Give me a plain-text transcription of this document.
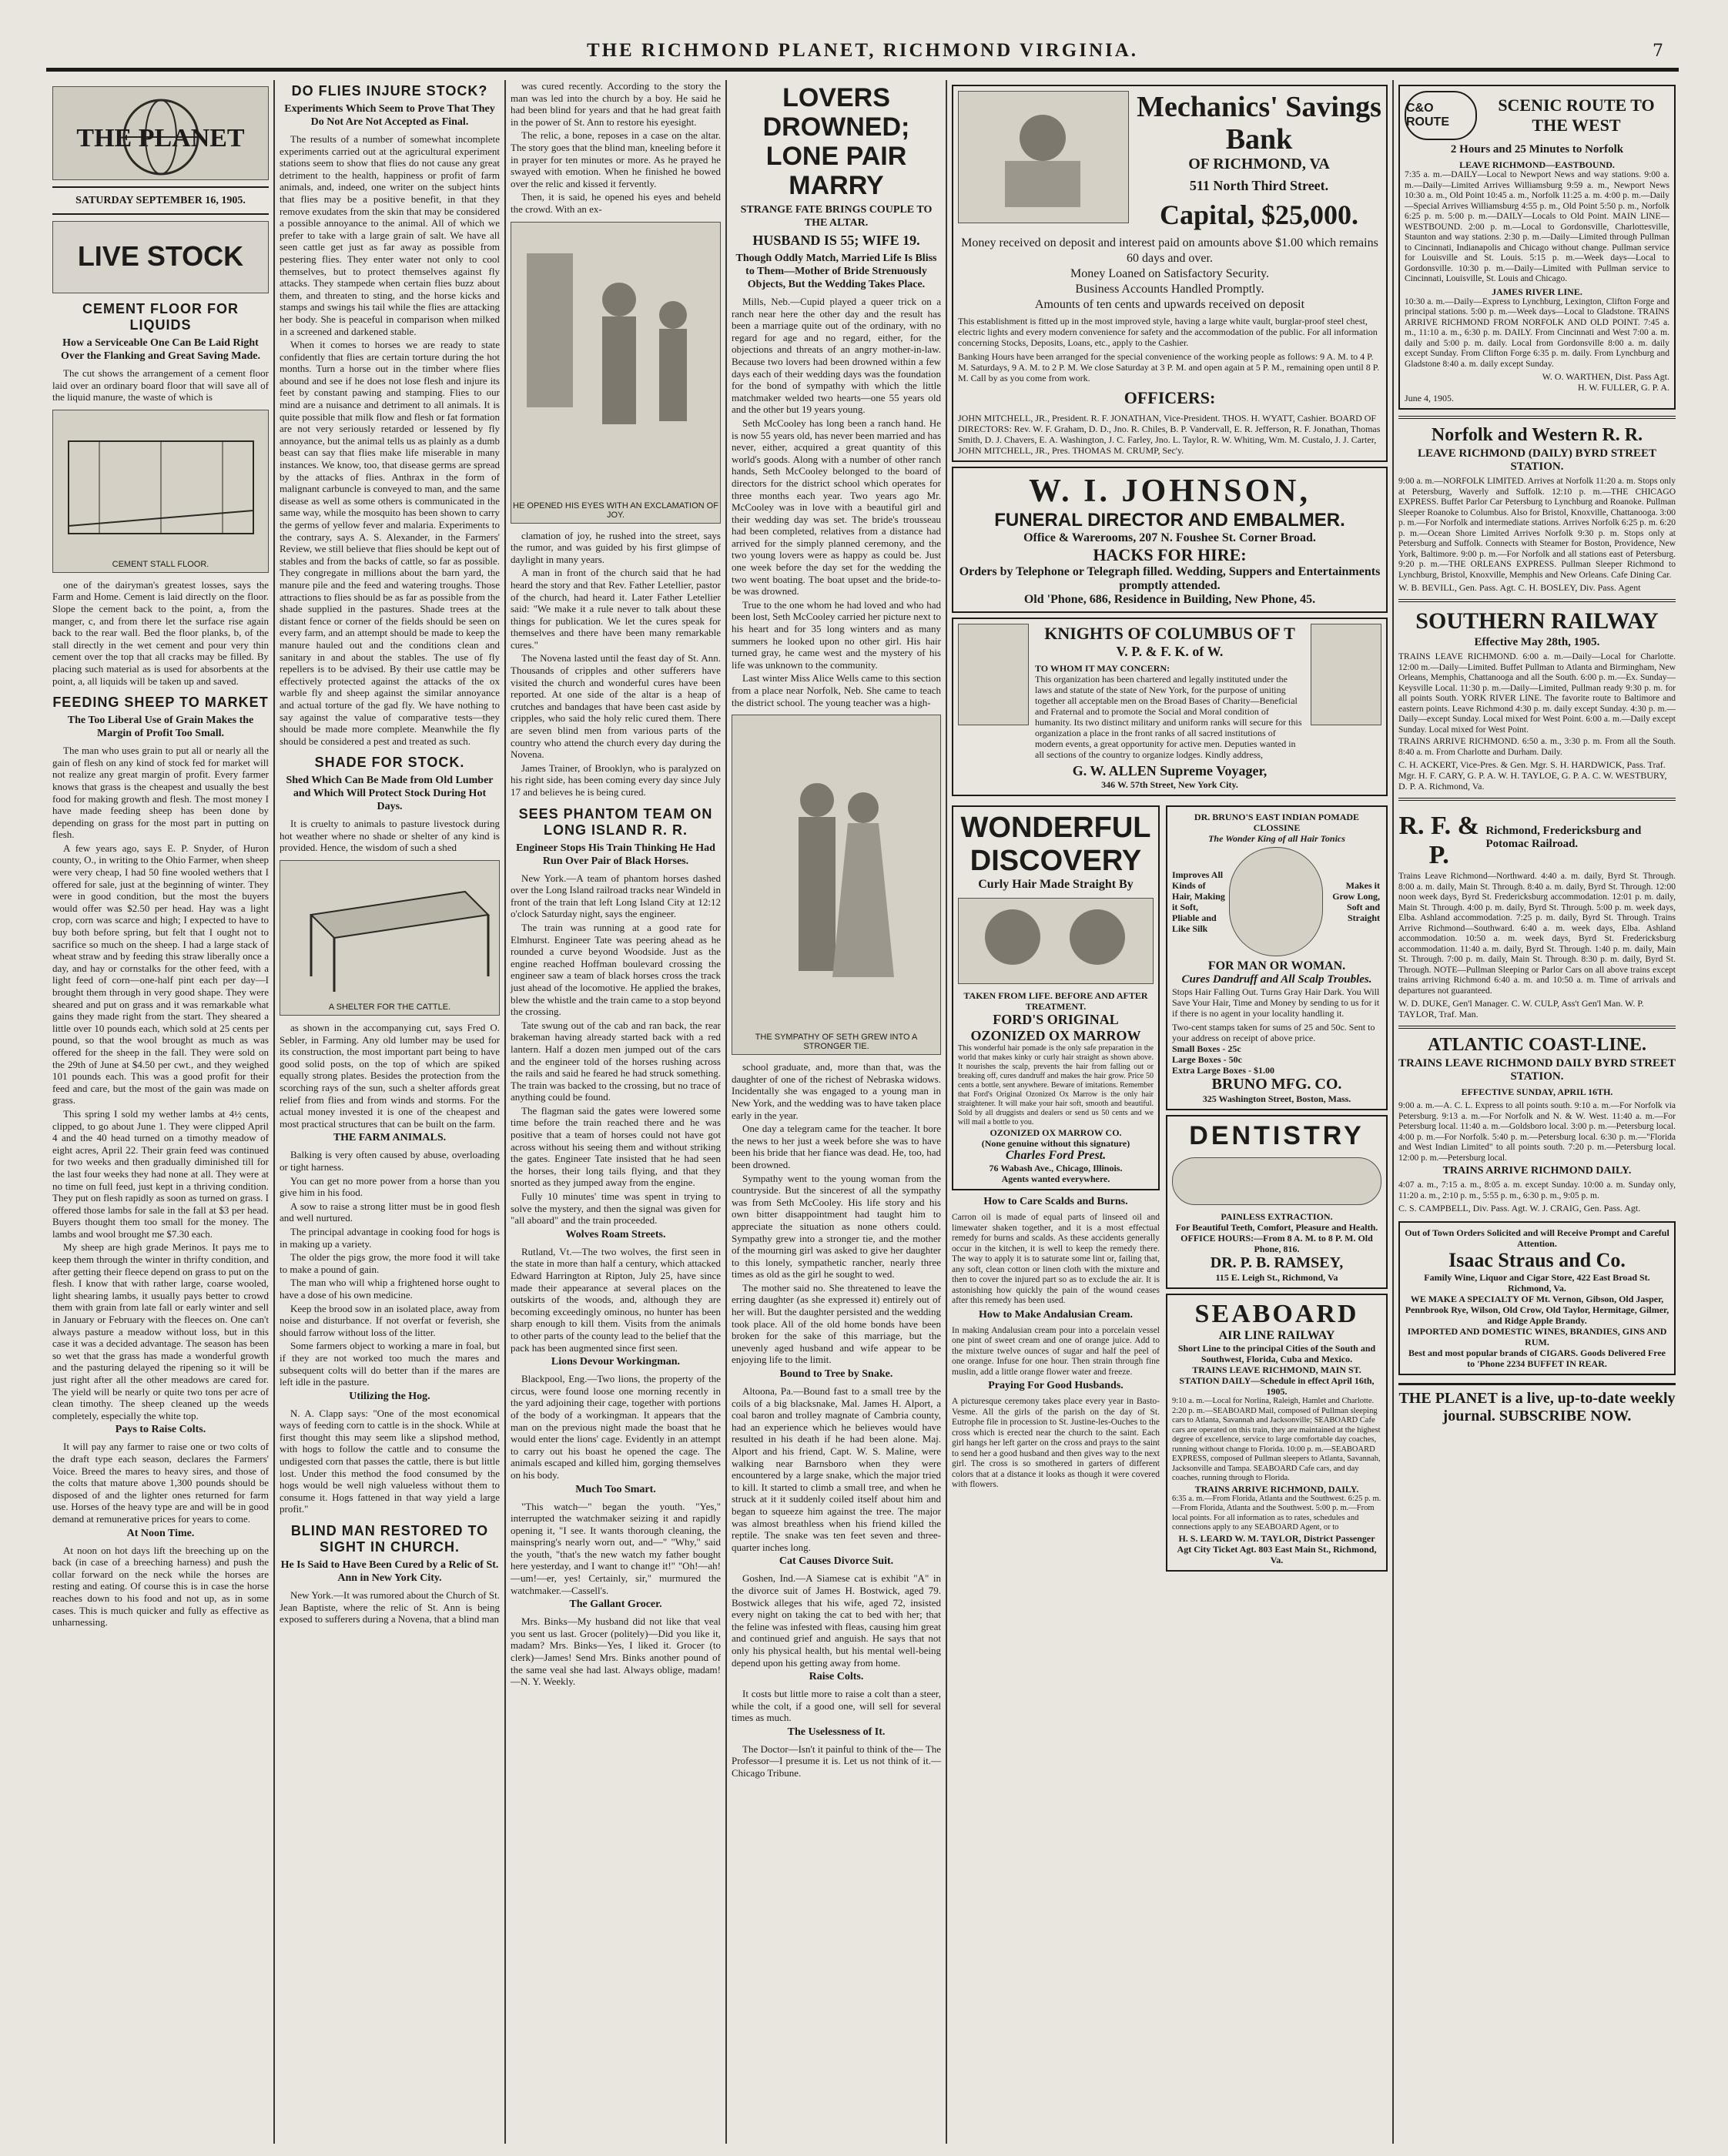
THE RICHMOND PLANET, RICHMOND VIRGINIA.	7
THE PLANET
SATURDAY SEPTEMBER 16, 1905.
LIVE STOCK
CEMENT FLOOR FOR LIQUIDS
How a Serviceable One Can Be Laid Right Over the Flanking and Great Saving Made.

The cut shows the arrangement of a cement floor laid over an ordinary board floor that will save all of the liquid manure, the waste of which is

CEMENT STALL FLOOR.

one of the dairyman's greatest losses, says the Farm and Home. Cement is laid directly on the floor. Slope the cement back to the point, a, from the manger, c, and from there let the surface rise again back to the rear wall. Bed the floor planks, b, of the stall directly in the wet cement and pour very thin cement over the top that all cracks may be filled. By placing such material as is used for absorbents at the point, a, all liquids will be taken up and saved.

FEEDING SHEEP TO MARKET
The Too Liberal Use of Grain Makes the Margin of Profit Too Small.

The man who uses grain to put all or nearly all the gain of flesh on any kind of stock fed for market will not realize any great margin of profit. Every farmer knows that grass is the cheapest and usually the best food for making growth and flesh. The most money I have made feeding sheep has been done by depending on grass for the most part in putting on flesh.

A few years ago, says E. P. Snyder, of Huron county, O., in writing to the Ohio Farmer, when sheep were very cheap, I had 50 fine wooled wethers that I offered for sale, just at the beginning of winter. They were in good condition, but the most the buyers would offer was $2.50 per head. Hay was a light crop, corn was scarce and high; I expected to have to buy both before spring, but felt that I ought not to sacrifice so much on the sheep. I had a large stack of wheat straw and by feeding this straw liberally once a day, and hay or cornstalks for the other feed, with a light feed of corn—one-half pint each per day—I brought them through in very good shape. They were sheared and put on grass and it was remarkable what gains they made right from the start. They sheared a little over 10 pounds each, which sold at 25 cents per pound, so that the wool brought as much as was offered for the sheep in the fall. They were sold on the 29th of June at $4.50 per cwt., and they weighed 101 pounds each. This was a good profit for their feed and care, but the most of the gain was made on grass.

This spring I sold my wether lambs at 4½ cents, clipped, to go about June 1. They were clipped April 4 and the 40 head turned on a timothy meadow of eight acres, April 22. Their grain feed was continued for two weeks and then gradually diminished till for the last four weeks they had none at all. They were at no time on full feed, just kept in a thriving condition. They put on flesh rapidly as soon as turned on grass. I offered those lambs for sale in the fall at $3 per head. Buyers thought them too small for the money. The lambs and wool brought me $7.30 each.

My sheep are high grade Merinos. It pays me to keep them through the winter in thrifty condition, and after getting their fleece depend on grass to put on the flesh. I know that with rather large, coarse wooled, light shearing lambs, it usually pays better to crowd them with grain from late fall or early winter and sell in January or February with the fleeces on. One can't always pasture a meadow without loss, but in this case it was a decided advantage. The season has been so wet that the grass has made a wonderful growth and the pasturing delayed the ripening so it will be just right after all the other meadows are cared for. The yield will be nearly or quite two tons per acre of clean timothy. The sheep cleaned up the weeds completely, especially the white top.

Pays to Raise Colts.

It will pay any farmer to raise one or two colts of the draft type each season, declares the Farmers' Voice. Breed the mares to heavy sires, and those of the colts that mature above 1,300 pounds should be disposed of and the lighter ones returned for farm use. Horses of the heavy type are and will be in good demand at remunerative prices for years to come.

At Noon Time.

At noon on hot days lift the breeching up on the back (in case of a breeching harness) and push the collar forward on the neck while the horses are resting and eating. Of course this is in case the horse reaches down to his food and not up, as in some cases. This is much quicker and fully as effective as unharnessing.

DO FLIES INJURE STOCK?
Experiments Which Seem to Prove That They Do Not Are Not Accepted as Final.

The results of a number of somewhat incomplete experiments carried out at the agricultural experiment stations seem to show that flies do not cause any great detriment to the health, happiness or profit of farm animals, and, indeed, one writer on the subject hints that flies may be a positive benefit, in that they remove exudates from the skin that may be considered a possible annoyance to the animal. All of which we prefer to take with a large grain of salt. We have all seen cattle get just as far away as possible from pestering flies. They enter water not only to cool themselves, but to protect themselves against fly attacks. They stampede when certain flies buzz about them, and threaten to sting, and the horse kicks and stamps and swings his tail while the flies are attacking her body. She is peaceful in comparison when milked in a screened and darkened stable.

When it comes to horses we are ready to state confidently that flies are certain torture during the hot months. Turn a horse out in the timber where flies abound and see if he does not lose flesh and injure its feet by constant pawing and stamping. Flies to our mind are a nuisance and detriment to all animals. It is quite possible that milk flow and flesh or fat formation are not very seriously retarded or lessened by fly annoyance, but the animal tells us as plainly as a dumb beast can say that flies make life miserable in many instances. We know, too, that disease germs are spread by the attacks of flies. Anthrax in the form of malignant carbuncle is conveyed to man, and the same disease as well as some others is communicated in the same way, while the mosquito has been shown to carry the germs of yellow fever and malaria. Experiments to the contrary, says A. S. Alexander, in the Farmers' Review, we still believe that flies should be kept out of stables and from the backs of cattle, so far as possible. They congregate in millions about the barn yard, the manure pile and the feed and watering troughs. Those attractions to flies should be as far as possible from the shade supplied in the pastures. Shade trees at the distant fence or corner of the fields should be seen on every farm, and an attempt should be made to keep the manure hauled out and the conditions clean and sanitary in and about the stables. The use of fly repellers is to be advised. By their use cattle may be effectively protected against the attacks of the ox warble fly and sheep against the similar annoyance and actual torture of the gad fly. We have nothing to say against the value of comparative tests—they should be made more complete. Meanwhile the fly should be considered a pest and treated as such.

SHADE FOR STOCK.
Shed Which Can Be Made from Old Lumber and Which Will Protect Stock During Hot Days.

It is cruelty to animals to pasture livestock during hot weather where no shade or shelter of any kind is provided. Hence, the wisdom of such a shed

A SHELTER FOR THE CATTLE.

as shown in the accompanying cut, says Fred O. Sebler, in Farming. Any old lumber may be used for its construction, the most important part being to have good solid posts, on the top of which are spiked equally strong plates. Besides the protection from the scorching rays of the sun, such a shelter affords great relief from flies and from winds and storms. For the actual money invested it is one of the cheapest and most practical structures that can be built on the farm.

THE FARM ANIMALS.

Balking is very often caused by abuse, overloading or tight harness.

You can get no more power from a horse than you give him in his food.

A sow to raise a strong litter must be in good flesh and well nurtured.

The principal advantage in cooking food for hogs is in making up a variety.

The older the pigs grow, the more food it will take to make a pound of gain.

The man who will whip a frightened horse ought to have a dose of his own medicine.

Keep the brood sow in an isolated place, away from noise and disturbance. If not overfat or feverish, she should farrow without loss of the litter.

Some farmers object to working a mare in foal, but if they are not worked too much the mares and subsequent colts will do better than if the mares are left idle in the pasture.

Utilizing the Hog.

N. A. Clapp says: "One of the most economical ways of feeding corn to cattle is in the shock. While at first thought this may seem like a slipshod method, with hogs to follow the cattle and to consume the undigested corn that passes the cattle, there is but little lost. Under this method the food consumed by the hogs would be well nigh valueless without them to consume it. Hogs fattened in that way yield a large profit."

BLIND MAN RESTORED TO SIGHT IN CHURCH.
He Is Said to Have Been Cured by a Relic of St. Ann in New York City.

New York.—It was rumored about the Church of St. Jean Baptiste, where the relic of St. Ann is being exposed to sufferers during a Novena, that a blind man

was cured recently. According to the story the man was led into the church by a boy. He said he had been blind for years and that he had great faith in the power of St. Ann to restore his eyesight.

The relic, a bone, reposes in a case on the altar. The story goes that the blind man, kneeling before it in prayer for ten minutes or more. As he prayed he swayed with emotion. When he finished he bowed over the relic and kissed it fervently.

Then, it is said, he opened his eyes and beheld the crowd. With an ex-

HE OPENED HIS EYES WITH AN EXCLAMATION OF JOY.

clamation of joy, he rushed into the street, says the rumor, and was guided by his first glimpse of daylight in many years.

A man in front of the church said that he had heard the story and that Rev. Father Letellier, pastor of the church, had heard it. Later Father Letellier said: "We make it a rule never to talk about these things for publication. We let the cures speak for themselves and there have been many remarkable cures."

The Novena lasted until the feast day of St. Ann. Thousands of cripples and other sufferers have visited the church and wonderful cures have been reported. At one side of the altar is a heap of crutches and bandages that have been cast aside by cripples, who said the holy relic cured them. There are seven blind men from various parts of the country who attend the church every day during the Novena.

James Trainer, of Brooklyn, who is paralyzed on his right side, has been coming every day since July 17 and believes he is being cured.

SEES PHANTOM TEAM ON LONG ISLAND R. R.
Engineer Stops His Train Thinking He Had Run Over Pair of Black Horses.

New York.—A team of phantom horses dashed over the Long Island railroad tracks near Windeld in front of the train that left Long Island City at 12:12 o'clock Saturday night, says the engineer.

The train was running at a good rate for Elmhurst. Engineer Tate was peering ahead as he rounded a curve beyond Woodside. Just as the engine reached Hoffman boulevard crossing the engineer saw a team of black horses cross the track just ahead of the locomotive. He applied the brakes, blew the whistle and the train came to a stop beyond the crossing.

Tate swung out of the cab and ran back, the rear brakeman having already started back with a red lantern. Half a dozen men jumped out of the cars and the engineer told of the horses rushing across the rails and said he feared he had struck something. The train was backed to the crossing, but no trace of anything could be found.

The flagman said the gates were lowered some time before the train reached there and he was positive that a team of horses could not have got across without his seeing them and without striking the gates. Engineer Tate insisted that he had seen the horses, their long tails flying, and that they snorted as they jumped away from the engine.

Fully 10 minutes' time was spent in trying to solve the mystery, and then the signal was given for "all aboard" and the train proceeded.

Wolves Roam Streets.

Rutland, Vt.—The two wolves, the first seen in the state in more than half a century, which attacked Edward Harrington at Ripton, July 25, have since made their appearance at several places on the outskirts of the woods, and, although they are becoming exceedingly ominous, no hunter has been sharp enough to kill them. Visits from the animals to other parts of the county lead to the belief that the pack has been augmented since first seen.

Lions Devour Workingman.

Blackpool, Eng.—Two lions, the property of the circus, were found loose one morning recently in the yard adjoining their cage, together with portions of the body of a workingman. It appears that the man on the previous night made the boast that he would enter the lions' cage. Evidently in an attempt to carry out his boast he opened the cage. The animals escaped and killed him, gorging themselves on his body.

Much Too Smart.

"This watch—" began the youth. "Yes," interrupted the watchmaker seizing it and rapidly opening it, "I see. It wants thorough cleaning, the mainspring's nearly worn out, and—" "Why," said the youth, "that's the new watch my father bought here yesterday, and I want to change it!" "Oh!—ah!—um!—er, yes! Certainly, sir," murmured the watchmaker.—Cassell's.

The Gallant Grocer.

Mrs. Binks—My husband did not like that veal you sent us last. Grocer (politely)—Did you like it, madam? Mrs. Binks—Yes, I liked it. Grocer (to clerk)—James! Send Mrs. Binks another pound of the same veal she had last. Always oblige, madam!—N. Y. Weekly.

LOVERS DROWNED; LONE PAIR MARRY
STRANGE FATE BRINGS COUPLE TO THE ALTAR.
HUSBAND IS 55; WIFE 19.
Though Oddly Match, Married Life Is Bliss to Them—Mother of Bride Strenuously Objects, But the Wedding Takes Place.

Mills, Neb.—Cupid played a queer trick on a ranch near here the other day and the result has been a marriage quite out of the ordinary, with no regard for age and no regard, either, for the objections and threats of an angry mother-in-law. Because two lovers had been drowned within a few days each of their wedding days was the foundation for the bond of sympathy with which the little matchmaker welded two hearts—one 55 years old and the other but 19 years young.

Seth McCooley has long been a ranch hand. He is now 55 years old, has never been married and has never, either, acquired a great quantity of this world's goods. Along with a number of other ranch hands, Seth McCooley belonged to the board of directors for the district school which operates for three months each year. Two years ago Mr. McCooley was in love with a beautiful girl and their wedding day was set. The bride's trousseau had been completed, relatives from a distance had arrived for the simply planned ceremony, and the two young lovers were as happy as could be. Just one week before the day set for the wedding the two went boating. The boat upset and the bride-to-be was drowned.

True to the one whom he had loved and who had been lost, Seth McCooley carried her picture next to his heart and for 35 long winters and as many summers he looked upon no other girl. His hair turned gray, he came west and the mystery of his life was unknown to the community.

Last winter Miss Alice Wells came to this section from a place near Norfolk, Neb. She came to teach the district school. The young teacher was a high-

THE SYMPATHY OF SETH GREW INTO A STRONGER TIE.

school graduate, and, more than that, was the daughter of one of the richest of Nebraska widows. Incidentally she was engaged to a young man in New York, and the wedding was to have taken place early in the year.

One day a telegram came for the teacher. It bore the news to her just a week before she was to have been his bride that her fiance was dead. He, too, had been drowned.

Sympathy went to the young woman from the countryside. But the sincerest of all the sympathy was from Seth McCooley. His life story and his own bitter disappointment had taught him to appreciate the situation as none others could. Sympathy grew into a stronger tie, and the mother of the mourning girl was asked to give her daughter to this lonely, sympathetic rancher, nearly three times as old as the girl he sought to wed.

The mother said no. She threatened to leave the erring daughter (as she expressed it) entirely out of her will. But the daughter persisted and the wedding took place. All of the old home bonds have been broken for the sake of this marriage, but the unevenly aged husband and wife appear to be enjoying life to the limit.

Bound to Tree by Snake.

Altoona, Pa.—Bound fast to a small tree by the coils of a big blacksnake, Mal. James H. Alport, a coal baron and trolley magnate of Cambria county, had an experience which he believes would have resulted in his death if he had been alone. Maj. Alport and his friend, Capt. W. S. Maline, were walking near Barnsboro when they were encountered by a large snake, which the major tried to kill. It started to climb a small tree, and when he struck at it it suddenly coiled itself about him and began to squeeze him against the tree. The major was almost breathless when his friend killed the reptile. The snake was ten feet seven and three-quarter inches long.

Cat Causes Divorce Suit.

Goshen, Ind.—A Siamese cat is exhibit "A" in the divorce suit of James H. Bostwick, aged 79. Bostwick alleges that his wife, aged 72, insisted every night on taking the cat to bed with her; that the feline was infested with fleas, causing him great and continued grief and anguish. He says that not only his physical health, but his mental well-being depend upon his getting away from home.

Raise Colts.

It costs but little more to raise a colt than a steer, while the colt, if a good one, will sell for several times as much.

The Uselessness of It.

The Doctor—Isn't it painful to think of the— The Professor—I presume it is. Let us not think of it.—Chicago Tribune.

Mechanics' Savings Bank
OF RICHMOND, VA
511 North Third Street.
Capital, $25,000.
Money received on deposit and interest paid on amounts above $1.00 which remains 60 days and over.
Money Loaned on Satisfactory Security.
Business Accounts Handled Promptly.
Amounts of ten cents and upwards received on deposit
This establishment is fitted up in the most improved style, having a large white vault, burglar-proof steel chest, electric lights and every modern convenience for safety and the accommodation of the public. For all information concerning Stocks, Deposits, Loans, etc., apply to the Cashier.
Banking Hours have been arranged for the special convenience of the working people as follows: 9 A. M. to 4 P. M. Saturdays, 9 A. M. to 2 P. M. We close Saturday at 3 P. M. and open again at 5 P. M., remaining open until 8 P. M. Call by as you come from work.
OFFICERS:
JOHN MITCHELL, JR., President. R. F. JONATHAN, Vice-President. THOS. H. WYATT, Cashier. BOARD OF DIRECTORS: Rev. W. F. Graham, D. D., Jno. R. Chiles, B. P. Vandervall, E. R. Jefferson, R. F. Jonathan, Thomas Smith, D. J. Chavers, E. A. Washington, J. C. Farley, Jno. L. Taylor, R. W. Whiting, Wm. M. Custalo, J. J. Carter, JOHN MITCHELL, JR., Pres. THOMAS M. CRUMP, Sec'y.
W. I. JOHNSON,
FUNERAL DIRECTOR AND EMBALMER.
Office & Warerooms, 207 N. Foushee St. Corner Broad.
HACKS FOR HIRE:
Orders by Telephone or Telegraph filled. Wedding, Suppers and Entertainments promptly attended.
Old 'Phone, 686, Residence in Building, New Phone, 45.
KNIGHTS OF COLUMBUS OF T
V. P. & F. K. of W.
TO WHOM IT MAY CONCERN:
This organization has been chartered and legally instituted under the laws and statute of the state of New York, for the purpose of uniting together all acceptable men on the Broad Bases of Charity—Beneficial and Fraternal and to promote the Social and Moral condition of humanity. Its two distinct military and uniform ranks will secure for this organization a place in the front ranks of all sacred institutions of modern events, a great opportunity for active men. Deputies wanted in all sections of the country to organize lodges. Kindly address,
G. W. ALLEN Supreme Voyager,
346 W. 57th Street, New York City.
WONDERFUL
DISCOVERY
Curly Hair Made Straight By
TAKEN FROM LIFE. BEFORE AND AFTER TREATMENT.
FORD'S ORIGINAL
OZONIZED OX MARROW
This wonderful hair pomade is the only safe preparation in the world that makes kinky or curly hair straight as shown above. It nourishes the scalp, prevents the hair from falling out or breaking off, cures dandruff and makes the hair grow. Price 50 cents a bottle, sent anywhere. Beware of imitations. Remember that Ford's Original Ozonized Ox Marrow is the only hair straightener. It will make your hair soft, smooth and beautiful. Sold by all druggists and dealers or send us 50 cents and we will mail a bottle to you.
OZONIZED OX MARROW CO.
(None genuine without this signature)
Charles Ford Prest.
76 Wabash Ave., Chicago, Illinois.
Agents wanted everywhere.
How to Care Scalds and Burns.

Carron oil is made of equal parts of linseed oil and limewater shaken together, and it is a most effectual remedy for burns and scalds. As these accidents generally occur in the kitchen, it is well to keep the remedy there. The way to apply it is to saturate some lint or, failing that, any soft, clean cotton or linen cloth with the mixture and then to cover the injured part so as to exclude the air. It is astonishing how quickly the pain of the wound ceases after this remedy has been used.

How to Make Andalusian Cream.

In making Andalusian cream pour into a porcelain vessel one pint of sweet cream and one of orange juice. Add to the mixture twelve ounces of sugar and half the peel of one orange. Infuse for one hour. Then strain through fine muslin, add a little orange flower water and freeze.

Praying For Good Husbands.

A picturesque ceremony takes place every year in Basto-Vesme. All the girls of the parish on the day of St. Eutrophe file in procession to St. Justine-les-Ouches to the cross which is erected near the church to the saint. Each girl hangs her left garter on the cross and prays to the saint to send her a good husband and then gives way to the next girl. The cross is so smothered in garters of different colors that at a distance it looks as though it were covered with flowers.

DR. BRUNO'S EAST INDIAN POMADE CLOSSINE
The Wonder King of all Hair Tonics
Improves All Kinds of Hair, Making it Soft, Pliable and Like Silk
Makes it Grow Long, Soft and Straight
FOR MAN OR WOMAN.
Cures Dandruff and All Scalp Troubles.
Stops Hair Falling Out. Turns Gray Hair Dark. You Will Save Your Hair, Time and Money by sending to us for it if there is no agent in your locality handling it.
Two-cent stamps taken for sums of 25 and 50c. Sent to your address on receipt of above price.
Small Boxes - 25c
Large Boxes - 50c
Extra Large Boxes - $1.00
BRUNO MFG. CO.
325 Washington Street, Boston, Mass.
DENTISTRY
PAINLESS EXTRACTION.
For Beautiful Teeth, Comfort, Pleasure and Health.
OFFICE HOURS:—From 8 A. M. to 8 P. M. Old Phone, 816.
DR. P. B. RAMSEY,
115 E. Leigh St., Richmond, Va
SEABOARD
AIR LINE RAILWAY
Short Line to the principal Cities of the South and Southwest, Florida, Cuba and Mexico.
TRAINS LEAVE RICHMOND, MAIN ST. STATION DAILY—Schedule in effect April 16th, 1905.
9:10 a. m.—Local for Norlina, Raleigh, Hamlet and Charlotte. 2:20 p. m.—SEABOARD Mail, composed of Pullman sleeping cars to Atlanta, Savannah and Jacksonville; SEABOARD Cafe cars are operated on this train, they are maintained at the highest degree of excellence, service to large comfortable day coaches, running without change to Florida. 10:00 p. m.—SEABOARD EXPRESS, composed of Pullman sleepers to Atlanta, Savannah, Jacksonville and Tampa. SEABOARD Cafe cars, and day coaches, running through to Florida.
TRAINS ARRIVE RICHMOND, DAILY.
6:35 a. m.—From Florida, Atlanta and the Southwest. 6:25 p. m.—From Florida, Atlanta and the Southwest. 5:00 p. m.—From local points. For all information as to rates, schedules and connections apply to any SEABOARD Agent, or to
H. S. LEARD W. M. TAYLOR, District Passenger Agt City Ticket Agt. 803 East Main St., Richmond, Va.
C&O ROUTE
SCENIC ROUTE TO THE WEST
2 Hours and 25 Minutes to Norfolk
LEAVE RICHMOND—EASTBOUND.

7:35 a. m.—DAILY—Local to Newport News and way stations. 9:00 a. m.—Daily—Limited Arrives Williamsburg 9:59 a. m., Newport News 10:30 a. m., Old Point 10:45 a. m., Norfolk 11:25 a. m. 4:00 p. m.—Daily—Special Arrives Williamsburg 4:55 p. m., Old Point 5:50 p. m., Norfolk 6:25 p. m. 5:00 p. m.—DAILY—Locals to Old Point. MAIN LINE—WESTBOUND. 2:00 p. m.—Local to Gordonsville, Charlottesville, Staunton and way stations. 2:30 p. m.—Daily—Limited through Pullman to Cincinnati, Indianapolis and Chicago without change. Pullman service for Louisville and St. Louis. 5:15 p. m.—Week days—Local to Gordonsville. 10:30 p. m.—Daily—Limited with Pullman service to Cincinnati, Louisville, St. Louis and Chicago.

JAMES RIVER LINE.

10:30 a. m.—Daily—Express to Lynchburg, Lexington, Clifton Forge and principal stations. 5:00 p. m.—Week days—Local to Gladstone. TRAINS ARRIVE RICHMOND FROM NORFOLK AND OLD POINT. 7:45 a. m., 11:10 a. m., 6:30 p. m. DAILY. From Cincinnati and West 7:00 a. m. daily and 5:00 p. m. daily. Local from Gordonsville 8:00 a. m. daily except Sunday. From Clifton Forge 6:35 p. m. daily. From Lynchburg and Gladstone 8:40 a. m. daily except Sunday.

W. O. WARTHEN, Dist. Pass Agt.
H. W. FULLER, G. P. A.
June 4, 1905.
Norfolk and Western R. R.
LEAVE RICHMOND (DAILY) BYRD STREET STATION.

9:00 a. m.—NORFOLK LIMITED. Arrives at Norfolk 11:20 a. m. Stops only at Petersburg, Waverly and Suffolk. 12:10 p. m.—THE CHICAGO EXPRESS. Buffet Parlor Car Petersburg to Lynchburg and Roanoke. Pullman Sleeper Roanoke to Columbus. Also for Bristol, Knoxville, Chattanooga. 3:00 p. m.—For Norfolk and intermediate stations. Arrives Norfolk 6:25 p. m. 6:20 p. m.—Ocean Shore Limited Arrives Norfolk 9:30 p. m. Stops only at Petersburg and Suffolk. Connects with Steamer for Boston, Providence, New York, Baltimore. 9:00 p. m.—For Norfolk and all stations east of Petersburg. 9:20 p. m.—THE ORLEANS EXPRESS. Pullman Sleeper Richmond to Lynchburg, Bristol, Knoxville, Memphis and New Orleans. Cafe Dining Car.

W. B. BEVILL, Gen. Pass. Agt. C. H. BOSLEY, Div. Pass. Agent
SOUTHERN RAILWAY
Effective May 28th, 1905.

TRAINS LEAVE RICHMOND. 6:00 a. m.—Daily—Local for Charlotte. 12:00 m.—Daily—Limited. Buffet Pullman to Atlanta and Birmingham, New Orleans, Memphis, Chattanooga and all the South. 6:00 p. m.—Ex. Sunday—Keysville Local. 11:30 p. m.—Daily—Limited, Pullman ready 9:30 p. m. for all points South. YORK RIVER LINE. The favorite route to Baltimore and eastern points. Leave Richmond 4:30 p. m. daily except Sunday. 4:30 p. m.—Daily—except Sunday. Local mixed for West Point. 6:00 a. m.—Daily except Sunday. Local mixed for West Point.

TRAINS ARRIVE RICHMOND. 6:50 a. m., 3:30 p. m. From all the South. 8:40 a. m. From Charlotte and Durham. Daily.

C. H. ACKERT, Vice-Pres. & Gen. Mgr. S. H. HARDWICK, Pass. Traf. Mgr. H. F. CARY, G. P. A. W. H. TAYLOE, G. P. A. C. W. WESTBURY, D. P. A. Richmond, Va.
R. F. & P.
Richmond, Fredericksburg and Potomac Railroad.

Trains Leave Richmond—Northward. 4:40 a. m. daily, Byrd St. Through. 8:00 a. m. daily, Main St. Through. 8:40 a. m. daily, Byrd St. Through. 12:00 noon week days, Byrd St. Fredericksburg accommodation. 12:01 p. m. daily, Main St. Through. 4:00 p. m. daily, Byrd St. Through. 5:00 p. m. week days, Elba. Ashland accommodation. 7:25 p. m. daily, Byrd St. Through. Trains Arrive Richmond—Southward. 6:40 a. m. week days, Elba. Ashland accommodation. 10:50 a. m. week days, Byrd St. Fredericksburg accommodation. 11:40 a. m. daily, Byrd St. Through. 1:40 p. m. daily, Main St. Through. 7:00 p. m. daily, Main St. Through. 8:30 p. m. daily, Byrd St. Through. NOTE—Pullman Sleeping or Parlor Cars on all above trains except trains arriving Richmond 6:40 a. m. and 10:50 a. m. Time of arrivals and departures not guaranteed.

W. D. DUKE, Gen'l Manager. C. W. CULP, Ass't Gen'l Man. W. P. TAYLOR, Traf. Man.
ATLANTIC COAST-LINE.
TRAINS LEAVE RICHMOND DAILY BYRD STREET STATION.
EFFECTIVE SUNDAY, APRIL 16TH.

9:00 a. m.—A. C. L. Express to all points south. 9:10 a. m.—For Norfolk via Petersburg. 9:13 a. m.—For Norfolk and N. & W. West. 11:40 a. m.—For Petersburg local. 11:40 a. m.—Goldsboro local. 3:00 p. m.—Petersburg local. 4:00 p. m.—For Norfolk. 5:40 p. m.—Petersburg local. 6:30 p. m.—"Florida and West Indian Limited" to all points south. 7:20 p. m.—Petersburg local. 12:00 p. m.—Petersburg local.

TRAINS ARRIVE RICHMOND DAILY.

4:07 a. m., 7:15 a. m., 8:05 a. m. except Sunday. 10:00 a. m. Sunday only, 11:20 a. m., 2:10 p. m., 5:55 p. m., 6:30 p. m., 9:05 p. m.

C. S. CAMPBELL, Div. Pass. Agt. W. J. CRAIG, Gen. Pass. Agt.
Out of Town Orders Solicited and will Receive Prompt and Careful Attention.
Isaac Straus and Co.
Family Wine, Liquor and Cigar Store, 422 East Broad St. Richmond, Va.
WE MAKE A SPECIALTY OF Mt. Vernon, Gibson, Old Jasper, Pennbrook Rye, Wilson, Old Crow, Old Taylor, Hermitage, Gilmer, and Ridge Apple Brandy.
IMPORTED AND DOMESTIC WINES, BRANDIES, GINS AND RUM.
Best and most popular brands of CIGARS. Goods Delivered Free to 'Phone 2234 BUFFET IN REAR.
THE PLANET is a live, up-to-date weekly journal. SUBSCRIBE NOW.
